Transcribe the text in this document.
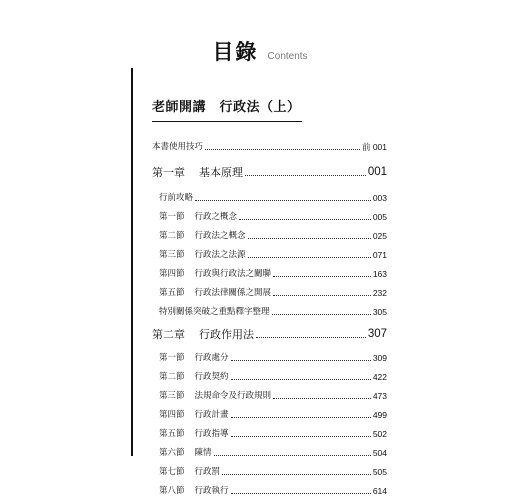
目錄 Contents
老師開講　行政法（上）
本書使用技巧	前 001
第一章 基本原理	001
行前攻略	003
第一節 行政之概念	005
第二節 行政法之概念	025
第三節 行政法之法源	071
第四節 行政與行政法之關聯	163
第五節 行政法律關係之開展	232
特別關係突破之重點釋字整理	305
第二章 行政作用法	307
第一節 行政處分	309
第二節 行政契約	422
第三節 法規命令及行政規則	473
第四節 行政計畫	499
第五節 行政指導	502
第六節 陳情	504
第七節 行政罰	505
第八節 行政執行	614
